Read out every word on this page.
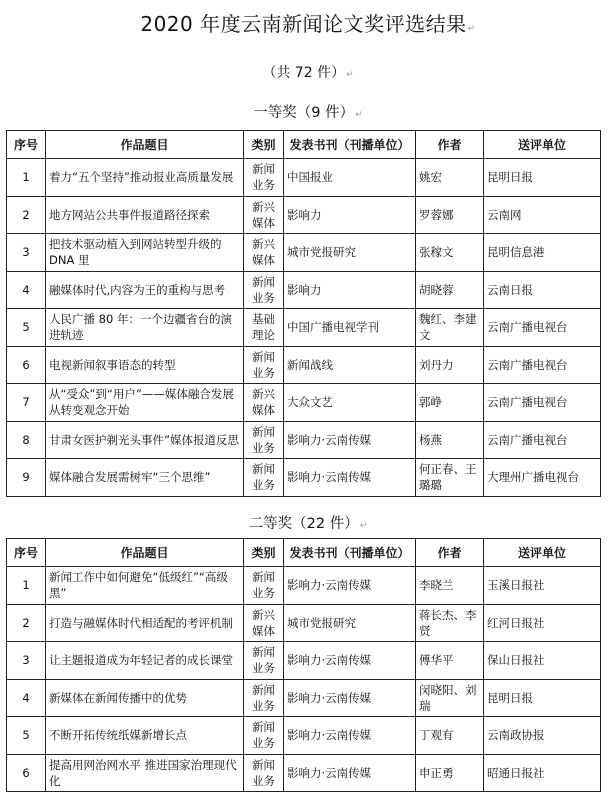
2020 年度云南新闻论文奖评选结果↵
（共 72 件）↵
一等奖（9 件）↵
序号	作品题目	类别	发表书刊（刊播单位）	作者	送评单位
1	着力“五个坚持”推动报业高质量发展	新闻业务	中国报业	姚宏	昆明日报
2	地方网站公共事件报道路径探索	新兴媒体	影响力	罗蓉娜	云南网
3	把技术驱动植入到网站转型升级的 DNA 里	新兴媒体	城市党报研究	张稼文	昆明信息港
4	融媒体时代,内容为王的重构与思考	新闻业务	影响力	胡晓蓉	云南日报
5	人民广播 80 年：一个边疆省台的演进轨迹	基础理论	中国广播电视学刊	魏红、李建文	云南广播电视台
6	电视新闻叙事语态的转型	新闻业务	新闻战线	刘丹力	云南广播电视台
7	从“受众”到“用户”——媒体融合发展从转变观念开始	新兴媒体	大众文艺	郭峥	云南广播电视台
8	甘肃女医护剃光头事件”媒体报道反思	新闻业务	影响力·云南传媒	杨燕	云南广播电视台
9	媒体融合发展需树牢“三个思维”	新闻业务	影响力·云南传媒	何正春、王璐璐	大理州广播电视台
二等奖（22 件）↵
序号	作品题目	类别	发表书刊（刊播单位）	作者	送评单位
1	新闻工作中如何避免“低级红”“高级黑”	新闻业务	影响力·云南传媒	李晓兰	玉溪日报社
2	打造与融媒体时代相适配的考评机制	新兴媒体	城市党报研究	蒋长杰、李贤	红河日报社
3	让主题报道成为年轻记者的成长课堂	新闻业务	影响力·云南传媒	傅华平	保山日报社
4	新媒体在新闻传播中的优势	新闻业务	影响力·云南传媒	闵晓阳、刘瑞	昆明日报
5	不断开拓传统纸媒新增长点	新闻业务	影响力·云南传媒	丁观有	云南政协报
6	提高用网治网水平 推进国家治理现代化	新闻业务	影响力·云南传媒	申正勇	昭通日报社
